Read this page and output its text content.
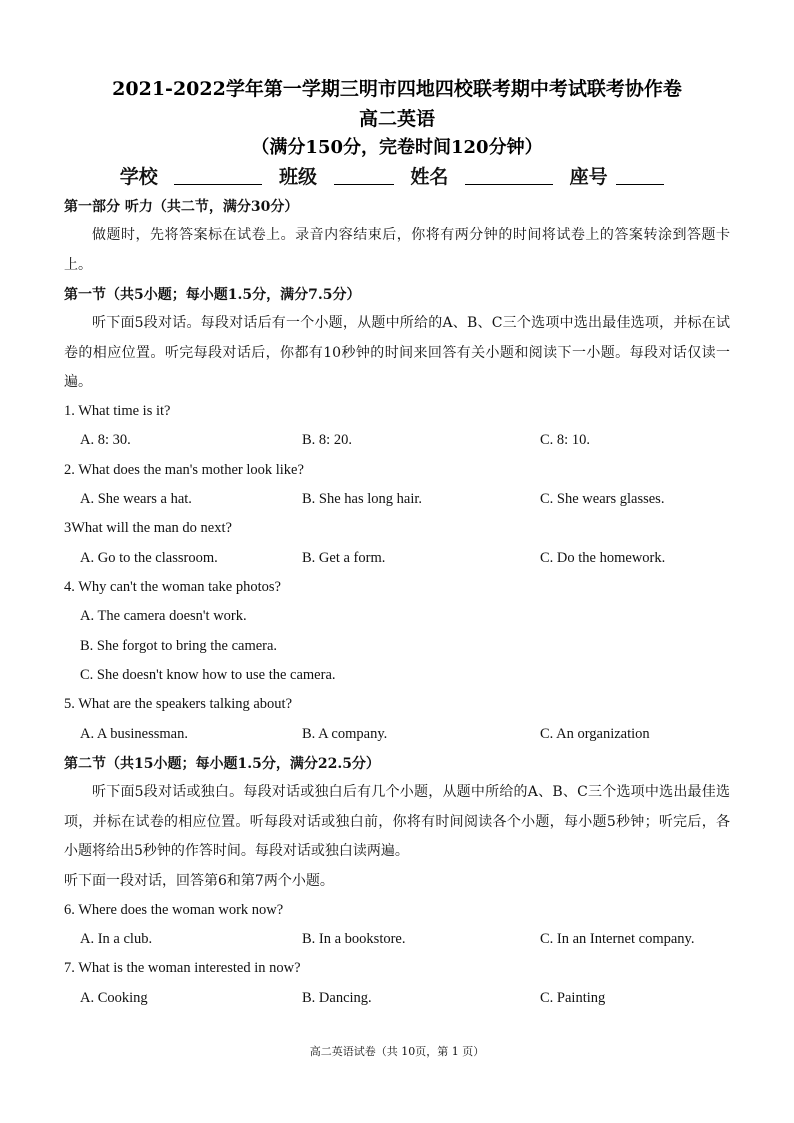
2021-2022学年第一学期三明市四地四校联考期中考试联考协作卷
高二英语
（满分150分，完卷时间120分钟）
学校	班级	姓名	座号
第一部分 听力（共二节，满分30分）
做题时，先将答案标在试卷上。录音内容结束后，你将有两分钟的时间将试卷上的答案转涂到答题卡上。
第一节（共5小题；每小题1.5分，满分7.5分）
听下面5段对话。每段对话后有一个小题，从题中所给的A、B、C三个选项中选出最佳选项，并标在试卷的相应位置。听完每段对话后，你都有10秒钟的时间来回答有关小题和阅读下一小题。每段对话仅读一遍。
1. What time is it?
A. 8: 30.	B. 8: 20.	C. 8: 10.
2. What does the man's mother look like?
A. She wears a hat.	B. She has long hair.	C. She wears glasses.
3What will the man do next?
A. Go to the classroom.	B. Get a form.	C. Do the homework.
4. Why can't the woman take photos?
A. The camera doesn't work.
B. She forgot to bring the camera.
C. She doesn't know how to use the camera.
5. What are the speakers talking about?
A. A businessman.	B. A company.	C. An organization
第二节（共15小题；每小题1.5分，满分22.5分）
听下面5段对话或独白。每段对话或独白后有几个小题，从题中所给的A、B、C三个选项中选出最佳选项，并标在试卷的相应位置。听每段对话或独白前，你将有时间阅读各个小题，每小题5秒钟；听完后，各小题将给出5秒钟的作答时间。每段对话或独白读两遍。
听下面一段对话，回答第6和第7两个小题。
6. Where does the woman work now?
A. In a club.	B. In a bookstore.	C. In an Internet company.
7. What is the woman interested in now?
A. Cooking	B. Dancing.	C. Painting
高二英语试卷（共 10页，第 1 页）
